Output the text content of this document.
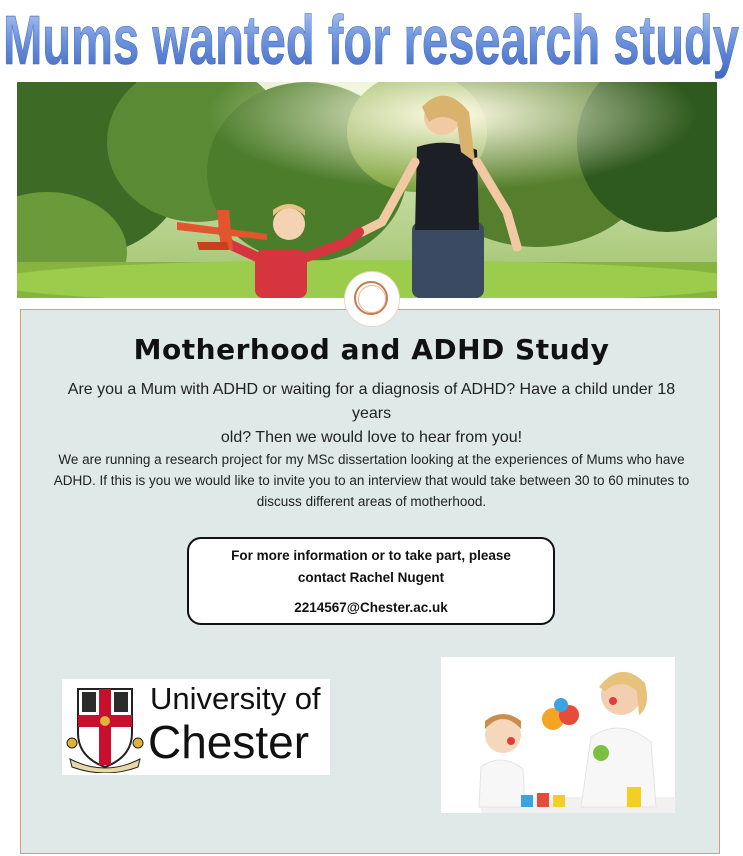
Mums wanted for research study
Motherhood and ADHD Study
Are you a Mum with ADHD or waiting for a diagnosis of ADHD? Have a child under 18 years
old? Then we would love to hear from you!
We are running a research project for my MSc dissertation looking at the experiences of Mums who have
ADHD. If this is you we would like to invite you to an interview that would take between 30 to 60 minutes to
discuss different areas of motherhood.
For more information or to take part, please
contact Rachel Nugent
2214567@Chester.ac.uk
University of
Chester
